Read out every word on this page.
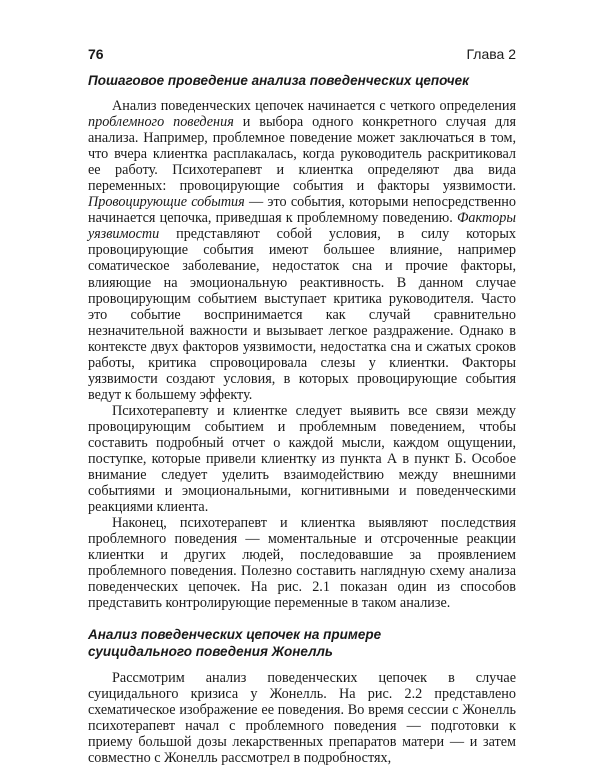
76	Глава 2
Пошаговое проведение анализа поведенческих цепочек

Анализ поведенческих цепочек начинается с четкого определения проблемного поведения и выбора одного конкретного случая для анализа. Например, проблемное поведение может заключаться в том, что вчера клиентка расплакалась, когда руководитель раскритиковал ее работу. Психотерапевт и клиентка определяют два вида переменных: провоцирующие события и факторы уязвимости. Провоцирующие события — это события, которыми непосредственно начинается цепочка, приведшая к проблемному поведению. Факторы уязвимости представляют собой условия, в силу которых провоцирующие события имеют большее влияние, например соматическое заболевание, недостаток сна и прочие факторы, влияющие на эмоциональную реактивность. В данном случае провоцирующим событием выступает критика руководителя. Часто это событие воспринимается как случай сравнительно незначительной важности и вызывает легкое раздражение. Однако в контексте двух факторов уязвимости, недостатка сна и сжатых сроков работы, критика спровоцировала слезы у клиентки. Факторы уязвимости создают условия, в которых провоцирующие события ведут к большему эффекту.

Психотерапевту и клиентке следует выявить все связи между провоцирующим событием и проблемным поведением, чтобы составить подробный отчет о каждой мысли, каждом ощущении, поступке, которые привели клиентку из пункта А в пункт Б. Особое внимание следует уделить взаимодействию между внешними событиями и эмоциональными, когнитивными и поведенческими реакциями клиента.

Наконец, психотерапевт и клиентка выявляют последствия проблемного поведения — моментальные и отсроченные реакции клиентки и других людей, последовавшие за проявлением проблемного поведения. Полезно составить наглядную схему анализа поведенческих цепочек. На рис. 2.1 показан один из способов представить контролирующие переменные в таком анализе.

Анализ поведенческих цепочек на примере
суицидального поведения Жонелль

Рассмотрим анализ поведенческих цепочек в случае суицидального кризиса у Жонелль. На рис. 2.2 представлено схематическое изображение ее поведения. Во время сессии с Жонелль психотерапевт начал с проблемного поведения — подготовки к приему большой дозы лекарственных препаратов матери — и затем совместно с Жонелль рассмотрел в подробностях,
